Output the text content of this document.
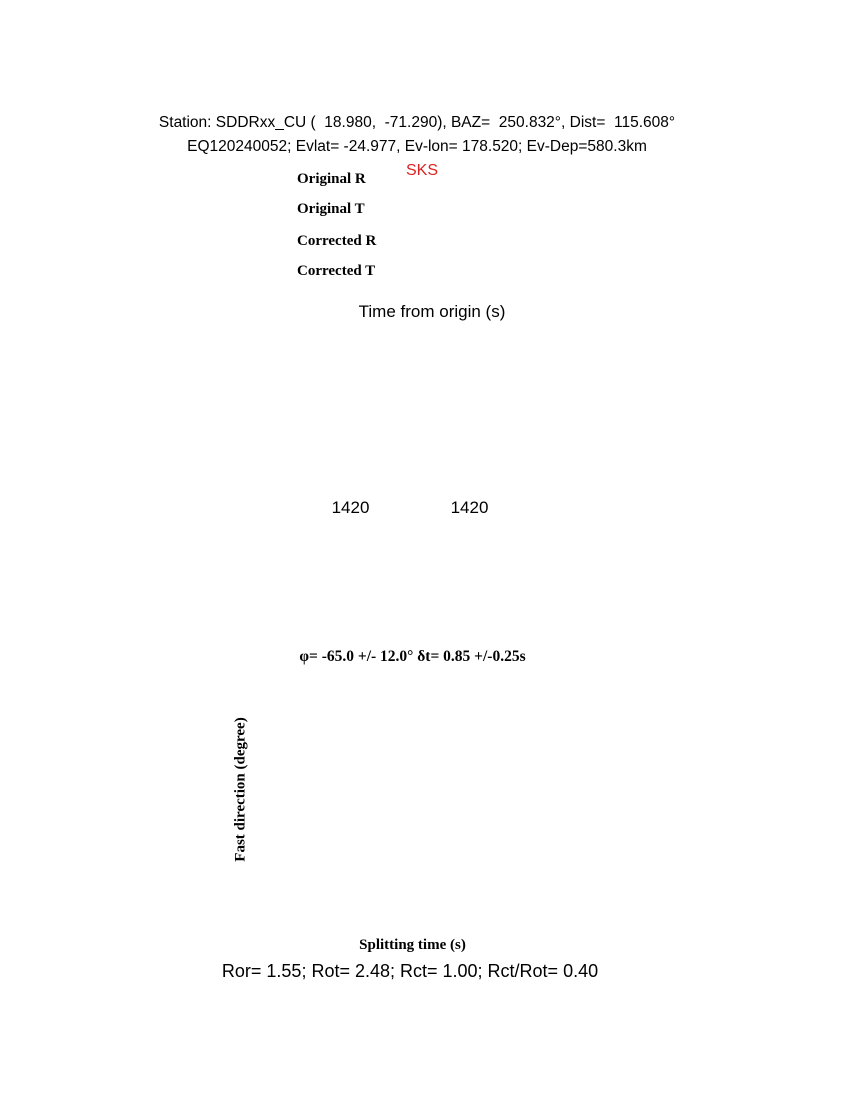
Station: SDDRxx_CU (  18.980,  -71.290), BAZ=  250.832°, Dist=  115.608°
EQ120240052; Evlat= -24.977, Ev-lon= 178.520; Ev-Dep=580.3km
Original R
Original T
Corrected R
Corrected T
SKS
Time from origin (s)
1420	1420
φ= -65.0 +/- 12.0° δt= 0.85 +/-0.25s
Fast direction (degree)
Splitting time (s)
Ror= 1.55; Rot= 2.48; Rct= 1.00; Rct/Rot= 0.40
